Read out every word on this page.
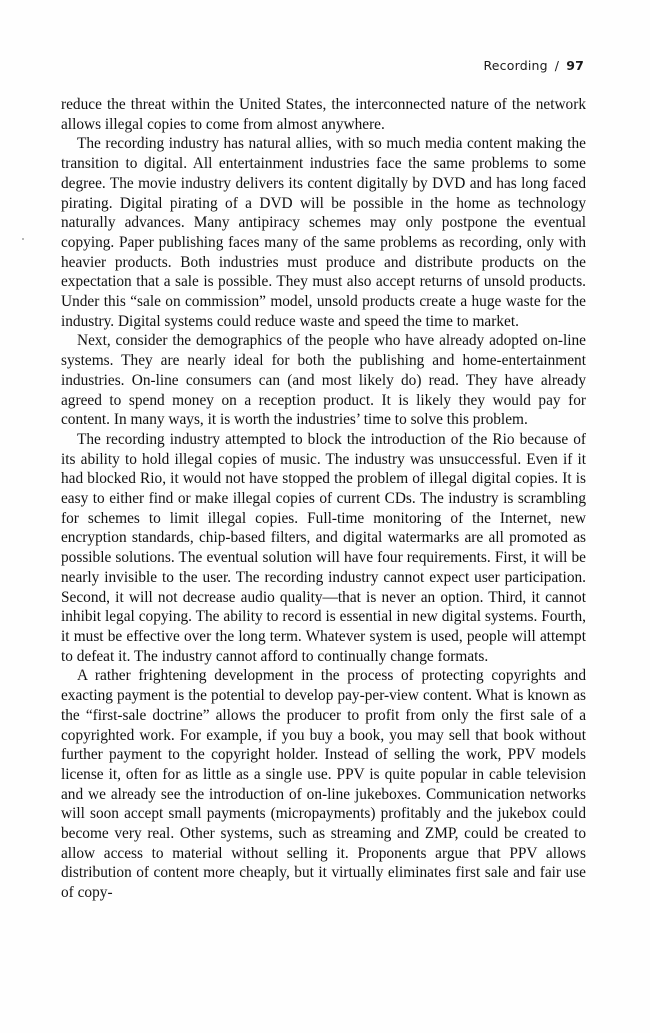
Recording / 97

reduce the threat within the United States, the interconnected nature of the network allows illegal copies to come from almost anywhere.

The recording industry has natural allies, with so much media content making the transition to digital. All entertainment industries face the same problems to some degree. The movie industry delivers its content digitally by DVD and has long faced pirating. Digital pirating of a DVD will be possible in the home as technology naturally advances. Many antipiracy schemes may only postpone the eventual copying. Paper publishing faces many of the same problems as recording, only with heavier products. Both industries must produce and distribute products on the expectation that a sale is possible. They must also accept returns of unsold products. Under this “sale on commission” model, unsold products create a huge waste for the industry. Digital systems could reduce waste and speed the time to market.

Next, consider the demographics of the people who have already adopted on-line systems. They are nearly ideal for both the publishing and home-entertainment industries. On-line consumers can (and most likely do) read. They have already agreed to spend money on a reception product. It is likely they would pay for content. In many ways, it is worth the industries’ time to solve this problem.

The recording industry attempted to block the introduction of the Rio because of its ability to hold illegal copies of music. The industry was unsuccessful. Even if it had blocked Rio, it would not have stopped the problem of illegal digital copies. It is easy to either find or make illegal copies of current CDs. The industry is scrambling for schemes to limit illegal copies. Full-time monitoring of the Internet, new encryption standards, chip-based filters, and digital watermarks are all promoted as possible solutions. The eventual solution will have four requirements. First, it will be nearly invisible to the user. The recording industry cannot expect user participation. Second, it will not decrease audio quality—that is never an option. Third, it cannot inhibit legal copying. The ability to record is essential in new digital systems. Fourth, it must be effective over the long term. Whatever system is used, people will attempt to defeat it. The industry cannot afford to continually change formats.

A rather frightening development in the process of protecting copyrights and exacting payment is the potential to develop pay-per-view content. What is known as the “first-sale doctrine” allows the producer to profit from only the first sale of a copyrighted work. For example, if you buy a book, you may sell that book without further payment to the copyright holder. Instead of selling the work, PPV models license it, often for as little as a single use. PPV is quite popular in cable television and we already see the introduction of on-line jukeboxes. Communication networks will soon accept small payments (micropayments) profitably and the jukebox could become very real. Other systems, such as streaming and ZMP, could be created to allow access to material without selling it. Proponents argue that PPV allows distribution of content more cheaply, but it virtually eliminates first sale and fair use of copy-
